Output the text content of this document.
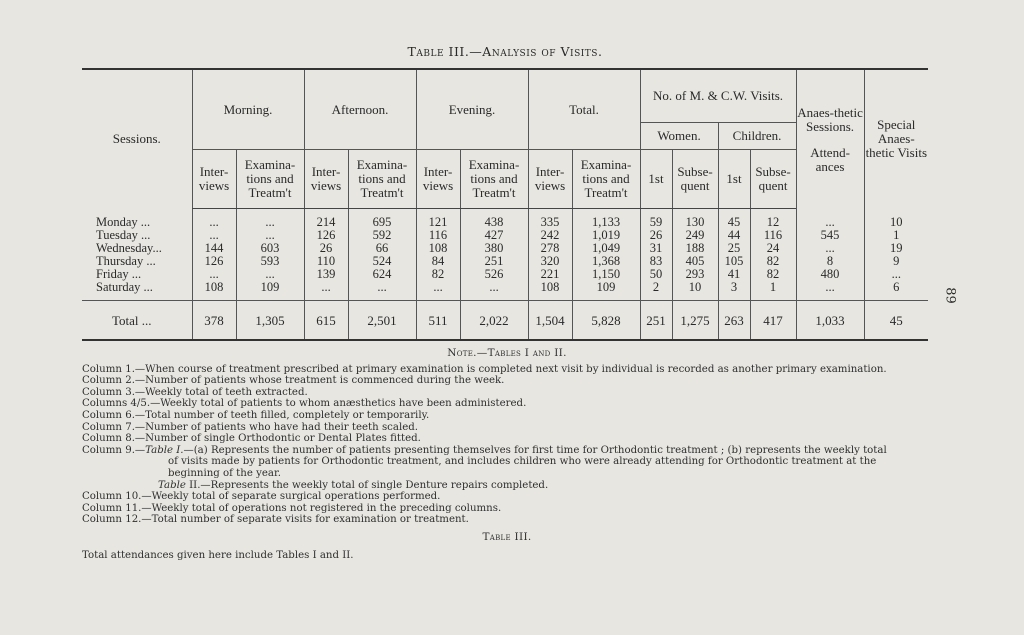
Table III.—Analysis of Visits.
Sessions.	Morning.		Afternoon.		Evening.		Total.		No. of M. & C.W. Visits.				Anaes-thetic Sessions.
Attend-ances	Special Anaes-thetic Visits
									Women.		Children.			
	Inter-views	Examina-tions and Treatm't	Inter-views	Examina-tions and Treatm't	Inter-views	Examina-tions and Treatm't	Inter-views	Examina-tions and Treatm't	1st	Subse-quent	1st	Subse-quent		
Monday ...	...	...	214	695	121	438	335	1,133	59	130	45	12	...	10
Tuesday ...	...	...	126	592	116	427	242	1,019	26	249	44	116	545	1
Wednesday...	144	603	26	66	108	380	278	1,049	31	188	25	24	...	19
Thursday ...	126	593	110	524	84	251	320	1,368	83	405	105	82	8	9
Friday ...	...	...	139	624	82	526	221	1,150	50	293	41	82	480	...
Saturday ...	108	109	...	...	...	...	108	109	2	10	3	1	...	6
Total ...	378	1,305	615	2,501	511	2,022	1,504	5,828	251	1,275	263	417	1,033	45
89
Note.—Tables I and II.
Column 1.—When course of treatment prescribed at primary examination is completed next visit by individual is recorded as another primary examination.
Column 2.—Number of patients whose treatment is commenced during the week.
Column 3.—Weekly total of teeth extracted.
Columns 4/5.—Weekly total of patients to whom anæsthetics have been administered.
Column 6.—Total number of teeth filled, completely or temporarily.
Column 7.—Number of patients who have had their teeth scaled.
Column 8.—Number of single Orthodontic or Dental Plates fitted.
Column 9.—Table I.—(a) Represents the number of patients presenting themselves for first time for Orthodontic treatment ; (b) represents the weekly total
of visits made by patients for Orthodontic treatment, and includes children who were already attending for Orthodontic treatment at the
beginning of the year.
Table II.—Represents the weekly total of single Denture repairs completed.
Column 10.—Weekly total of separate surgical operations performed.
Column 11.—Weekly total of operations not registered in the preceding columns.
Column 12.—Total number of separate visits for examination or treatment.
Table III.
Total attendances given here include Tables I and II.
